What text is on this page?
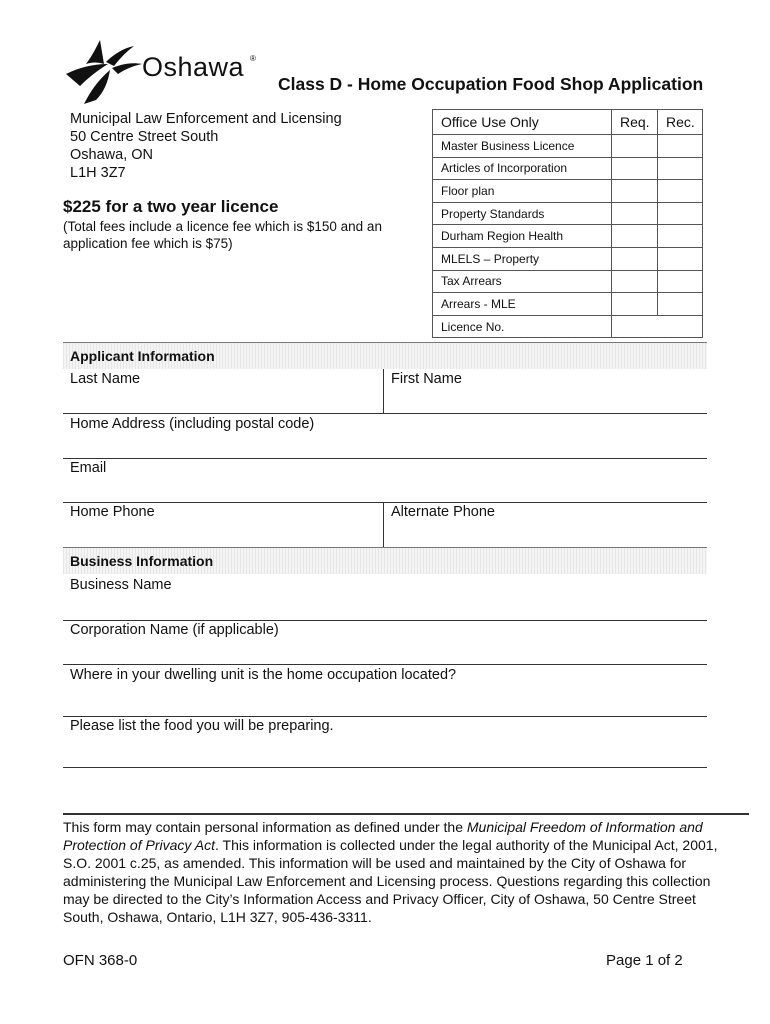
Oshawa ®
Class D - Home Occupation Food Shop Application
Municipal Law Enforcement and Licensing
50 Centre Street South
Oshawa, ON
L1H 3Z7
$225 for a two year licence
(Total fees include a licence fee which is $150 and an
application fee which is $75)
Office Use Only	Req.	Rec.
Master Business Licence		
Articles of Incorporation		
Floor plan		
Property Standards		
Durham Region Health		
MLELS – Property		
Tax Arrears		
Arrears - MLE		
Licence No.		
Applicant Information
Last Name	First Name
Home Address (including postal code)
Email
Home Phone	Alternate Phone
Business Information
Business Name
Corporation Name (if applicable)
Where in your dwelling unit is the home occupation located?
Please list the food you will be preparing.
This form may contain personal information as defined under the Municipal Freedom of Information and Protection of Privacy Act. This information is collected under the legal authority of the Municipal Act, 2001, S.O. 2001 c.25, as amended. This information will be used and maintained by the City of Oshawa for administering the Municipal Law Enforcement and Licensing process. Questions regarding this collection may be directed to the City’s Information Access and Privacy Officer, City of Oshawa, 50 Centre Street South, Oshawa, Ontario, L1H 3Z7, 905-436-3311.
OFN 368-0	Page 1 of 2
